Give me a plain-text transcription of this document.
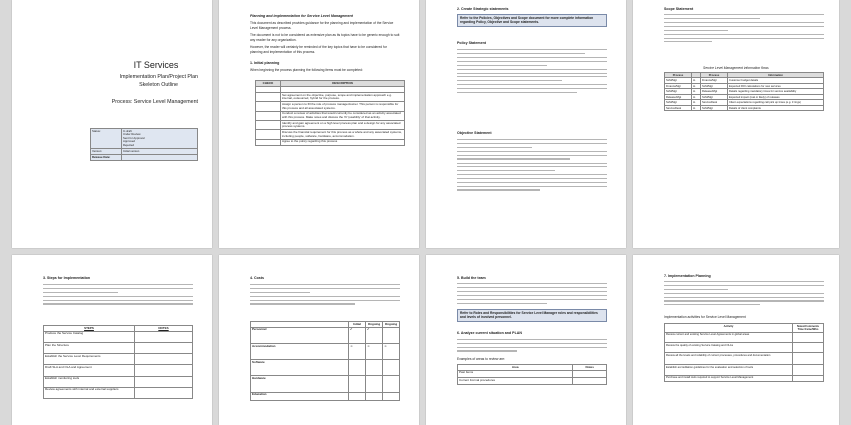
IT Services
Implementation Plan/Project Plan
Skeleton Outline
Process: Service Level Management
Status:	In draft
Under Review
Sent for Approval
Approved
Rejected
Version:	Initial version
Release Date:	
Planning and implementation for Service Level Management
This document as described provides guidance for the planning and implementation of the Service Level Management process.
The document is not to be considered as extensive plan as its topics have to be generic enough to suit any reader for any organization.
However, the reader will certainly be reminded of the key topics that have to be considered for planning and implementation of this process.
1. Initial planning
When beginning the process planning the following items must be completed:
CHECK	DESCRIPTION

	Set agreement on the objective, purpose, scope and implementation approach e.g. internal, outsourced, hybrid for the process.
	Assign a person to fill the role of process manager/owner. This person is responsible for this process and all associated systems.
	Conduct a review of activities that would currently be considered as an activity associated with this process. Make notes and discuss the ‘fit’ (usability’ of that activity.
	Identify and gain agreement on a high level process plan and a design for any associated process systems.
	Discuss the financial requirement for this process as a whole and any associated systems, including people, software, hardware, accommodation.
	Agree to the policy regarding this process
2. Create Strategic statements
Refer to the Policies, Objectives and Scope document for more complete information regarding Policy, Objective and Scope statements.
Policy Statement
Objective Statement
Scope Statement
Service Level Management information flows
Process		Process	Information
SLM/Mgt	to	Finance/Mgr	Customer budget details
Finance/Mgr	to	SLM/Mgt	Expected ROI calculations for new services
SLM/Mgt	to	Release/Mgt	Details regarding mandatory times for service availability
Release/Mgt	to	SLM/Mgt	Expected impact (real or likely) of releases
SLM/Mgt	to	ServiceDesk	Client expectations regarding call pick up times (e.g. 3 rings)
ServiceDesk	to	SLM/Mgt	Details of client complaints
3. Steps for Implementation
STEPS	NOTES
Produce the Service Catalog	
Plan the Structure	
Establish the Service Level Requirements	
Draft SLA and OLA and Agreement	
Establish monitoring tools	
Review agreements with internal and external suppliers	
4. Costs
	Initial	Ongoing	Ongoing
Personnel	✔	✔	
Accommodation	☺	☺	☺
Software			
Hardware			
Education			
5. Build the team
Refer to Roles and Responsibilities for Service Level Manager roles and responsibilities and levels of involved personnel.
6. Analyze current situation and PLAN
Examples of areas to review are:
Area	Notes
Past Items	
Current Formal procedures	
7. Implementation Planning
Implementation activities for Service Level Management
Activity	Notes/Comments Time frame/Who
Review current and existing Service Level Agreements in global areas	
Review the quality of existing Service Catalog and OLAs	
Review all the levels and reliability of current processes, procedures and documentation	
Establish accreditation guidelines for the evaluation and selection of tools	
Purchase and install tools required to support Service Level Management	
